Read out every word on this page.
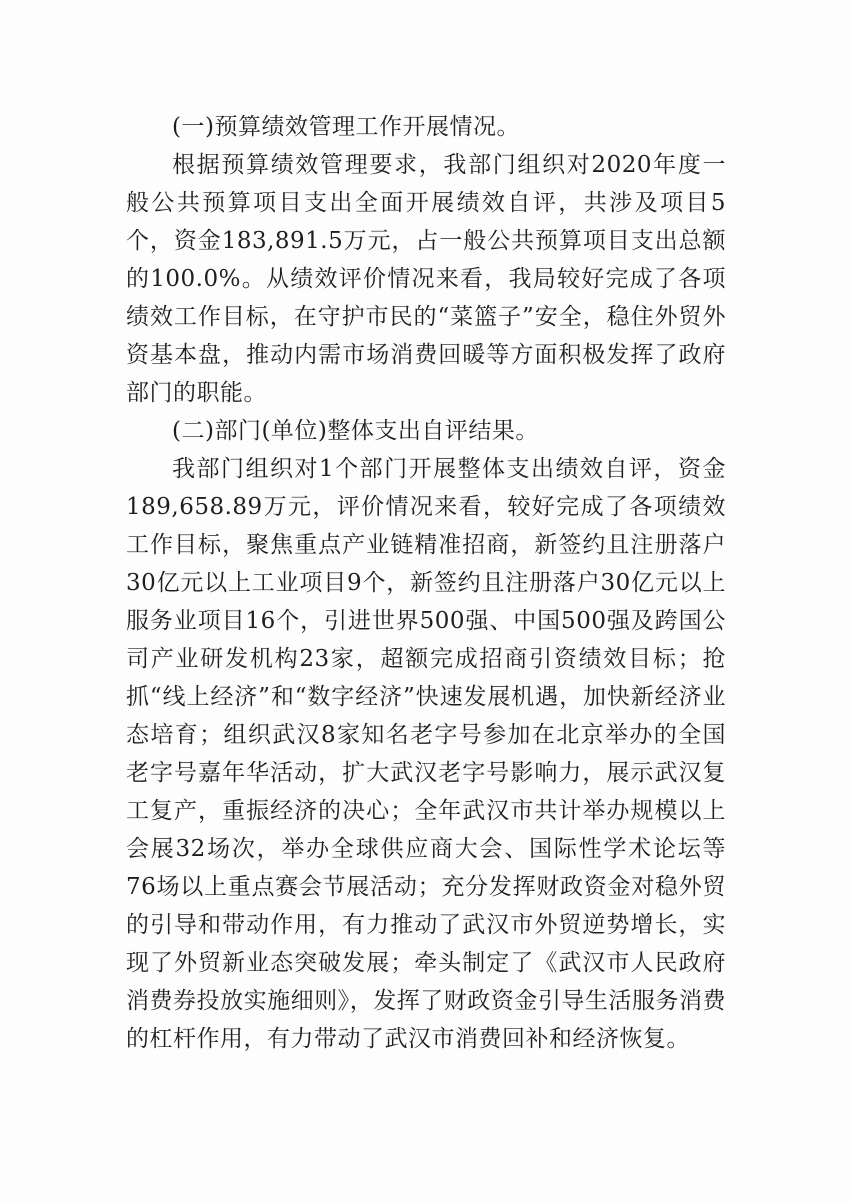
(一)预算绩效管理工作开展情况。

根据预算绩效管理要求，我部门组织对2020年度一般公共预算项目支出全面开展绩效自评，共涉及项目5个，资金183,891.5万元，占一般公共预算项目支出总额的100.0%。从绩效评价情况来看，我局较好完成了各项绩效工作目标，在守护市民的“菜篮子”安全，稳住外贸外资基本盘，推动内需市场消费回暖等方面积极发挥了政府部门的职能。

(二)部门(单位)整体支出自评结果。

我部门组织对1个部门开展整体支出绩效自评，资金189,658.89万元，评价情况来看，较好完成了各项绩效工作目标，聚焦重点产业链精准招商，新签约且注册落户30亿元以上工业项目9个，新签约且注册落户30亿元以上服务业项目16个，引进世界500强、中国500强及跨国公司产业研发机构23家，超额完成招商引资绩效目标；抢抓“线上经济”和“数字经济”快速发展机遇，加快新经济业态培育；组织武汉8家知名老字号参加在北京举办的全国老字号嘉年华活动，扩大武汉老字号影响力，展示武汉复工复产，重振经济的决心；全年武汉市共计举办规模以上会展32场次，举办全球供应商大会、国际性学术论坛等76场以上重点赛会节展活动；充分发挥财政资金对稳外贸的引导和带动作用，有力推动了武汉市外贸逆势增长，实现了外贸新业态突破发展；牵头制定了《武汉市人民政府消费券投放实施细则》，发挥了财政资金引导生活服务消费的杠杆作用，有力带动了武汉市消费回补和经济恢复。
